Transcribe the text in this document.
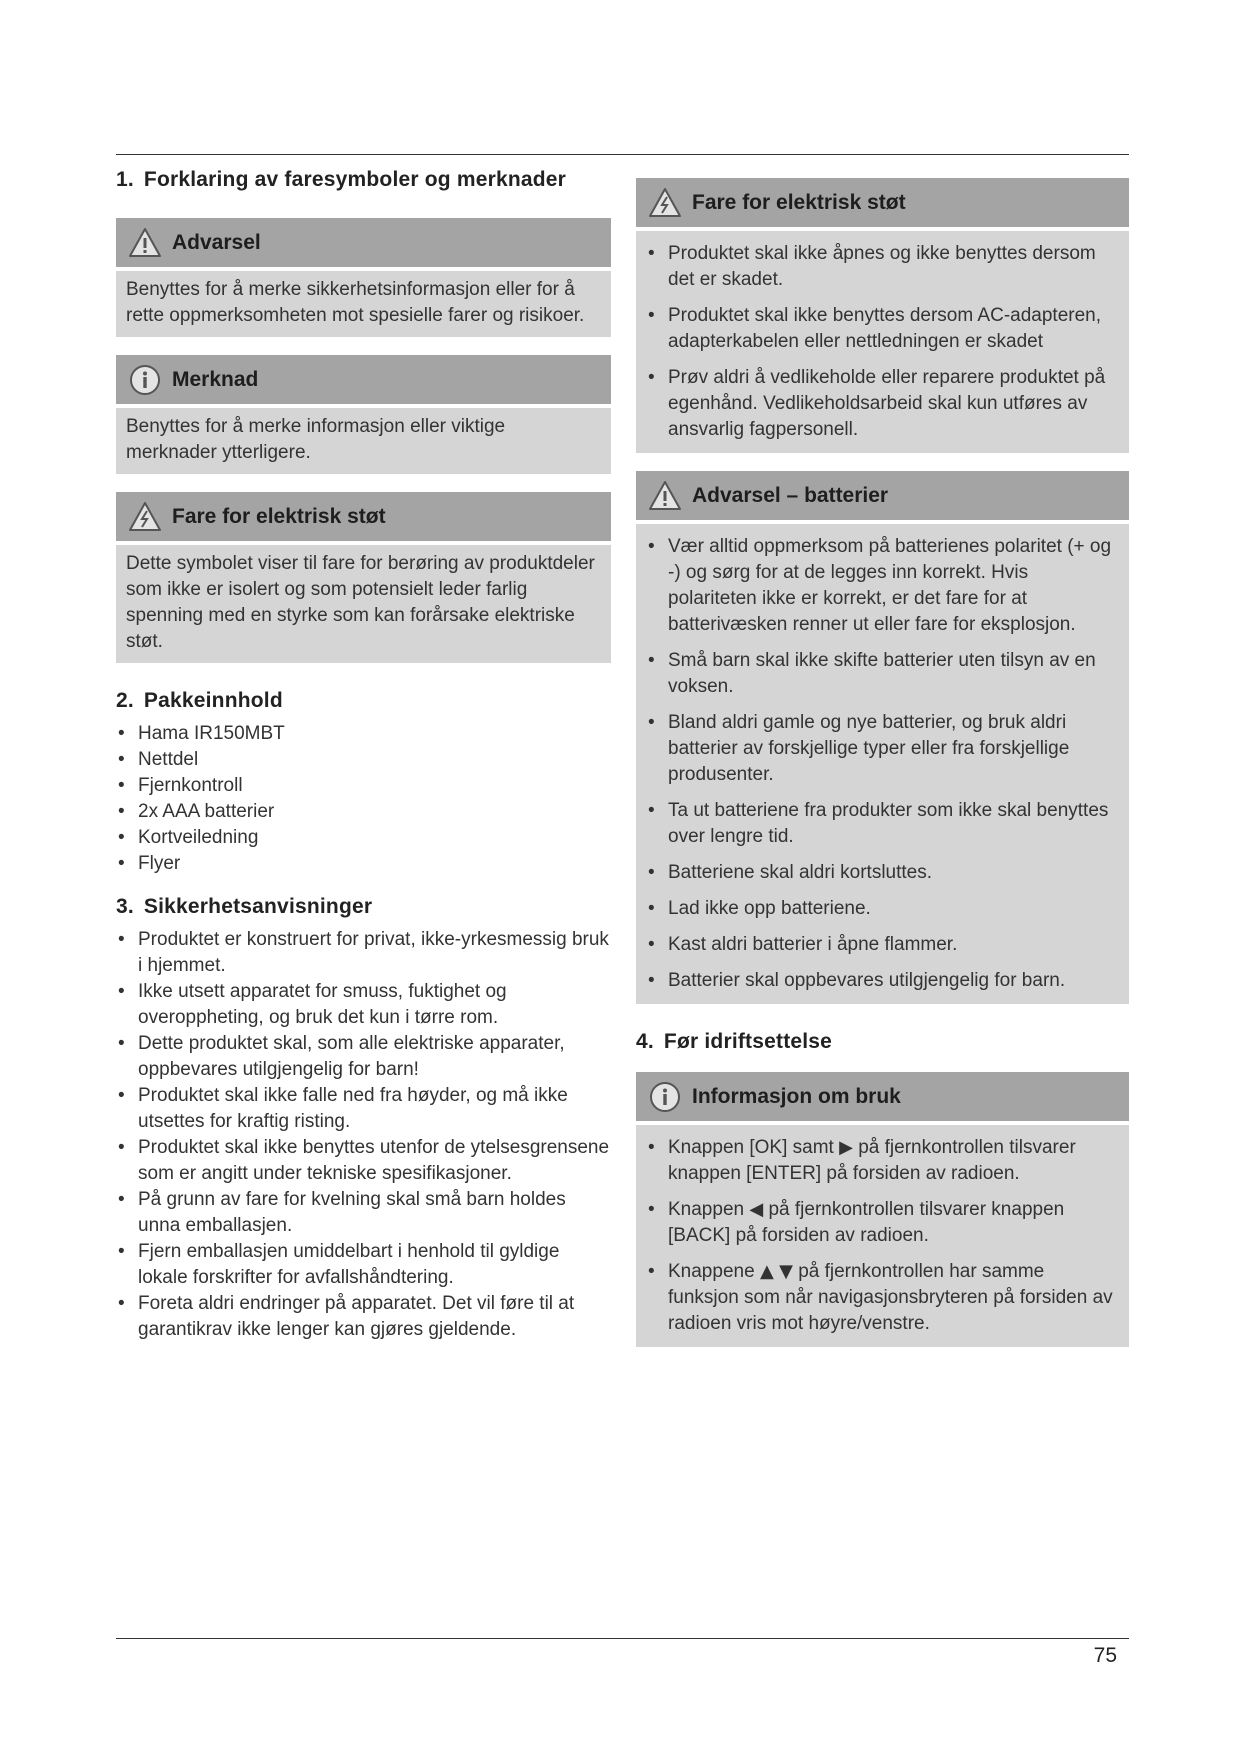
1. Forklaring av faresymboler og merknader
Advarsel
Benyttes for å merke sikkerhetsinformasjon eller for å rette oppmerksomheten mot spesielle farer og risikoer.
Merknad
Benyttes for å merke informasjon eller viktige merknader ytterligere.
Fare for elektrisk støt
Dette symbolet viser til fare for berøring av produktdeler som ikke er isolert og som potensielt leder farlig spenning med en styrke som kan forårsake elektriske støt.
2. Pakkeinnhold
• Hama IR150MBT
• Nettdel
• Fjernkontroll
• 2x AAA batterier
• Kortveiledning
• Flyer
3. Sikkerhetsanvisninger
• Produktet er konstruert for privat, ikke-yrkesmessig bruk i hjemmet.
• Ikke utsett apparatet for smuss, fuktighet og overoppheting, og bruk det kun i tørre rom.
• Dette produktet skal, som alle elektriske apparater, oppbevares utilgjengelig for barn!
• Produktet skal ikke falle ned fra høyder, og må ikke utsettes for kraftig risting.
• Produktet skal ikke benyttes utenfor de ytelsesgrensene som er angitt under tekniske spesifikasjoner.
• På grunn av fare for kvelning skal små barn holdes unna emballasjen.
• Fjern emballasjen umiddelbart i henhold til gyldige lokale forskrifter for avfallshåndtering.
• Foreta aldri endringer på apparatet. Det vil føre til at garantikrav ikke lenger kan gjøres gjeldende.
Fare for elektrisk støt
• Produktet skal ikke åpnes og ikke benyttes dersom det er skadet.
• Produktet skal ikke benyttes dersom AC-adapteren, adapterkabelen eller nettledningen er skadet
• Prøv aldri å vedlikeholde eller reparere produktet på egenhånd. Vedlikeholdsarbeid skal kun utføres av ansvarlig fagpersonell.
Advarsel – batterier
• Vær alltid oppmerksom på batterienes polaritet (+ og -) og sørg for at de legges inn korrekt. Hvis polariteten ikke er korrekt, er det fare for at batterivæsken renner ut eller fare for eksplosjon.
• Små barn skal ikke skifte batterier uten tilsyn av en voksen.
• Bland aldri gamle og nye batterier, og bruk aldri batterier av forskjellige typer eller fra forskjellige produsenter.
• Ta ut batteriene fra produkter som ikke skal benyttes over lengre tid.
• Batteriene skal aldri kortsluttes.
• Lad ikke opp batteriene.
• Kast aldri batterier i åpne flammer.
• Batterier skal oppbevares utilgjengelig for barn.
4. Før idriftsettelse
Informasjon om bruk
• Knappen [OK] samt ▶ på fjernkontrollen tilsvarer knappen [ENTER] på forsiden av radioen.
• Knappen ◀ på fjernkontrollen tilsvarer knappen [BACK] på forsiden av radioen.
• Knappene ▲ ▼ på fjernkontrollen har samme funksjon som når navigasjonsbryteren på forsiden av radioen vris mot høyre/venstre.
75
